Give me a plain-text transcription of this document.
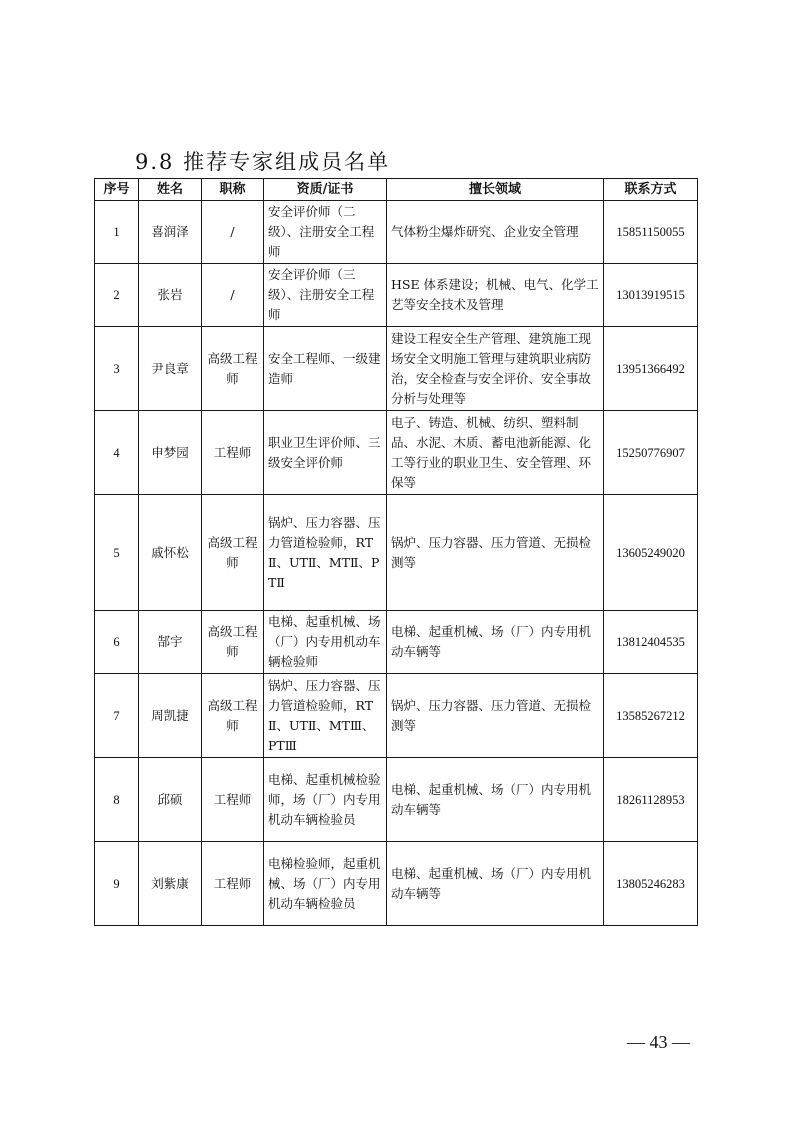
9.8 推荐专家组成员名单
序号	姓名	职称	资质/证书	擅长领域	联系方式
1	喜润泽	/	安全评价师（二级）、注册安全工程师	气体粉尘爆炸研究、企业安全管理	15851150055
2	张岩	/	安全评价师（三级）、注册安全工程师	HSE 体系建设；机械、电气、化学工艺等安全技术及管理	13013919515
3	尹良章	高级工程师	安全工程师、一级建造师	建设工程安全生产管理、建筑施工现场安全文明施工管理与建筑职业病防治，安全检查与安全评价、安全事故分析与处理等	13951366492
4	申梦园	工程师	职业卫生评价师、三级安全评价师	电子、铸造、机械、纺织、塑料制品、水泥、木质、蓄电池新能源、化工等行业的职业卫生、安全管理、环保等	15250776907
5	戚怀松	高级工程师	锅炉、压力容器、压力管道检验师，RTⅡ、UTⅡ、MTⅡ、PTⅡ	锅炉、压力容器、压力管道、无损检测等	13605249020
6	郜宇	高级工程师	电梯、起重机械、场（厂）内专用机动车辆检验师	电梯、起重机械、场（厂）内专用机动车辆等	13812404535
7	周凯捷	高级工程师	锅炉、压力容器、压力管道检验师，RTⅡ、UTⅡ、MTⅢ、PTⅢ	锅炉、压力容器、压力管道、无损检测等	13585267212
8	邱硕	工程师	电梯、起重机械检验师，场（厂）内专用机动车辆检验员	电梯、起重机械、场（厂）内专用机动车辆等	18261128953
9	刘紫康	工程师	电梯检验师，起重机械、场（厂）内专用机动车辆检验员	电梯、起重机械、场（厂）内专用机动车辆等	13805246283
— 43 —
